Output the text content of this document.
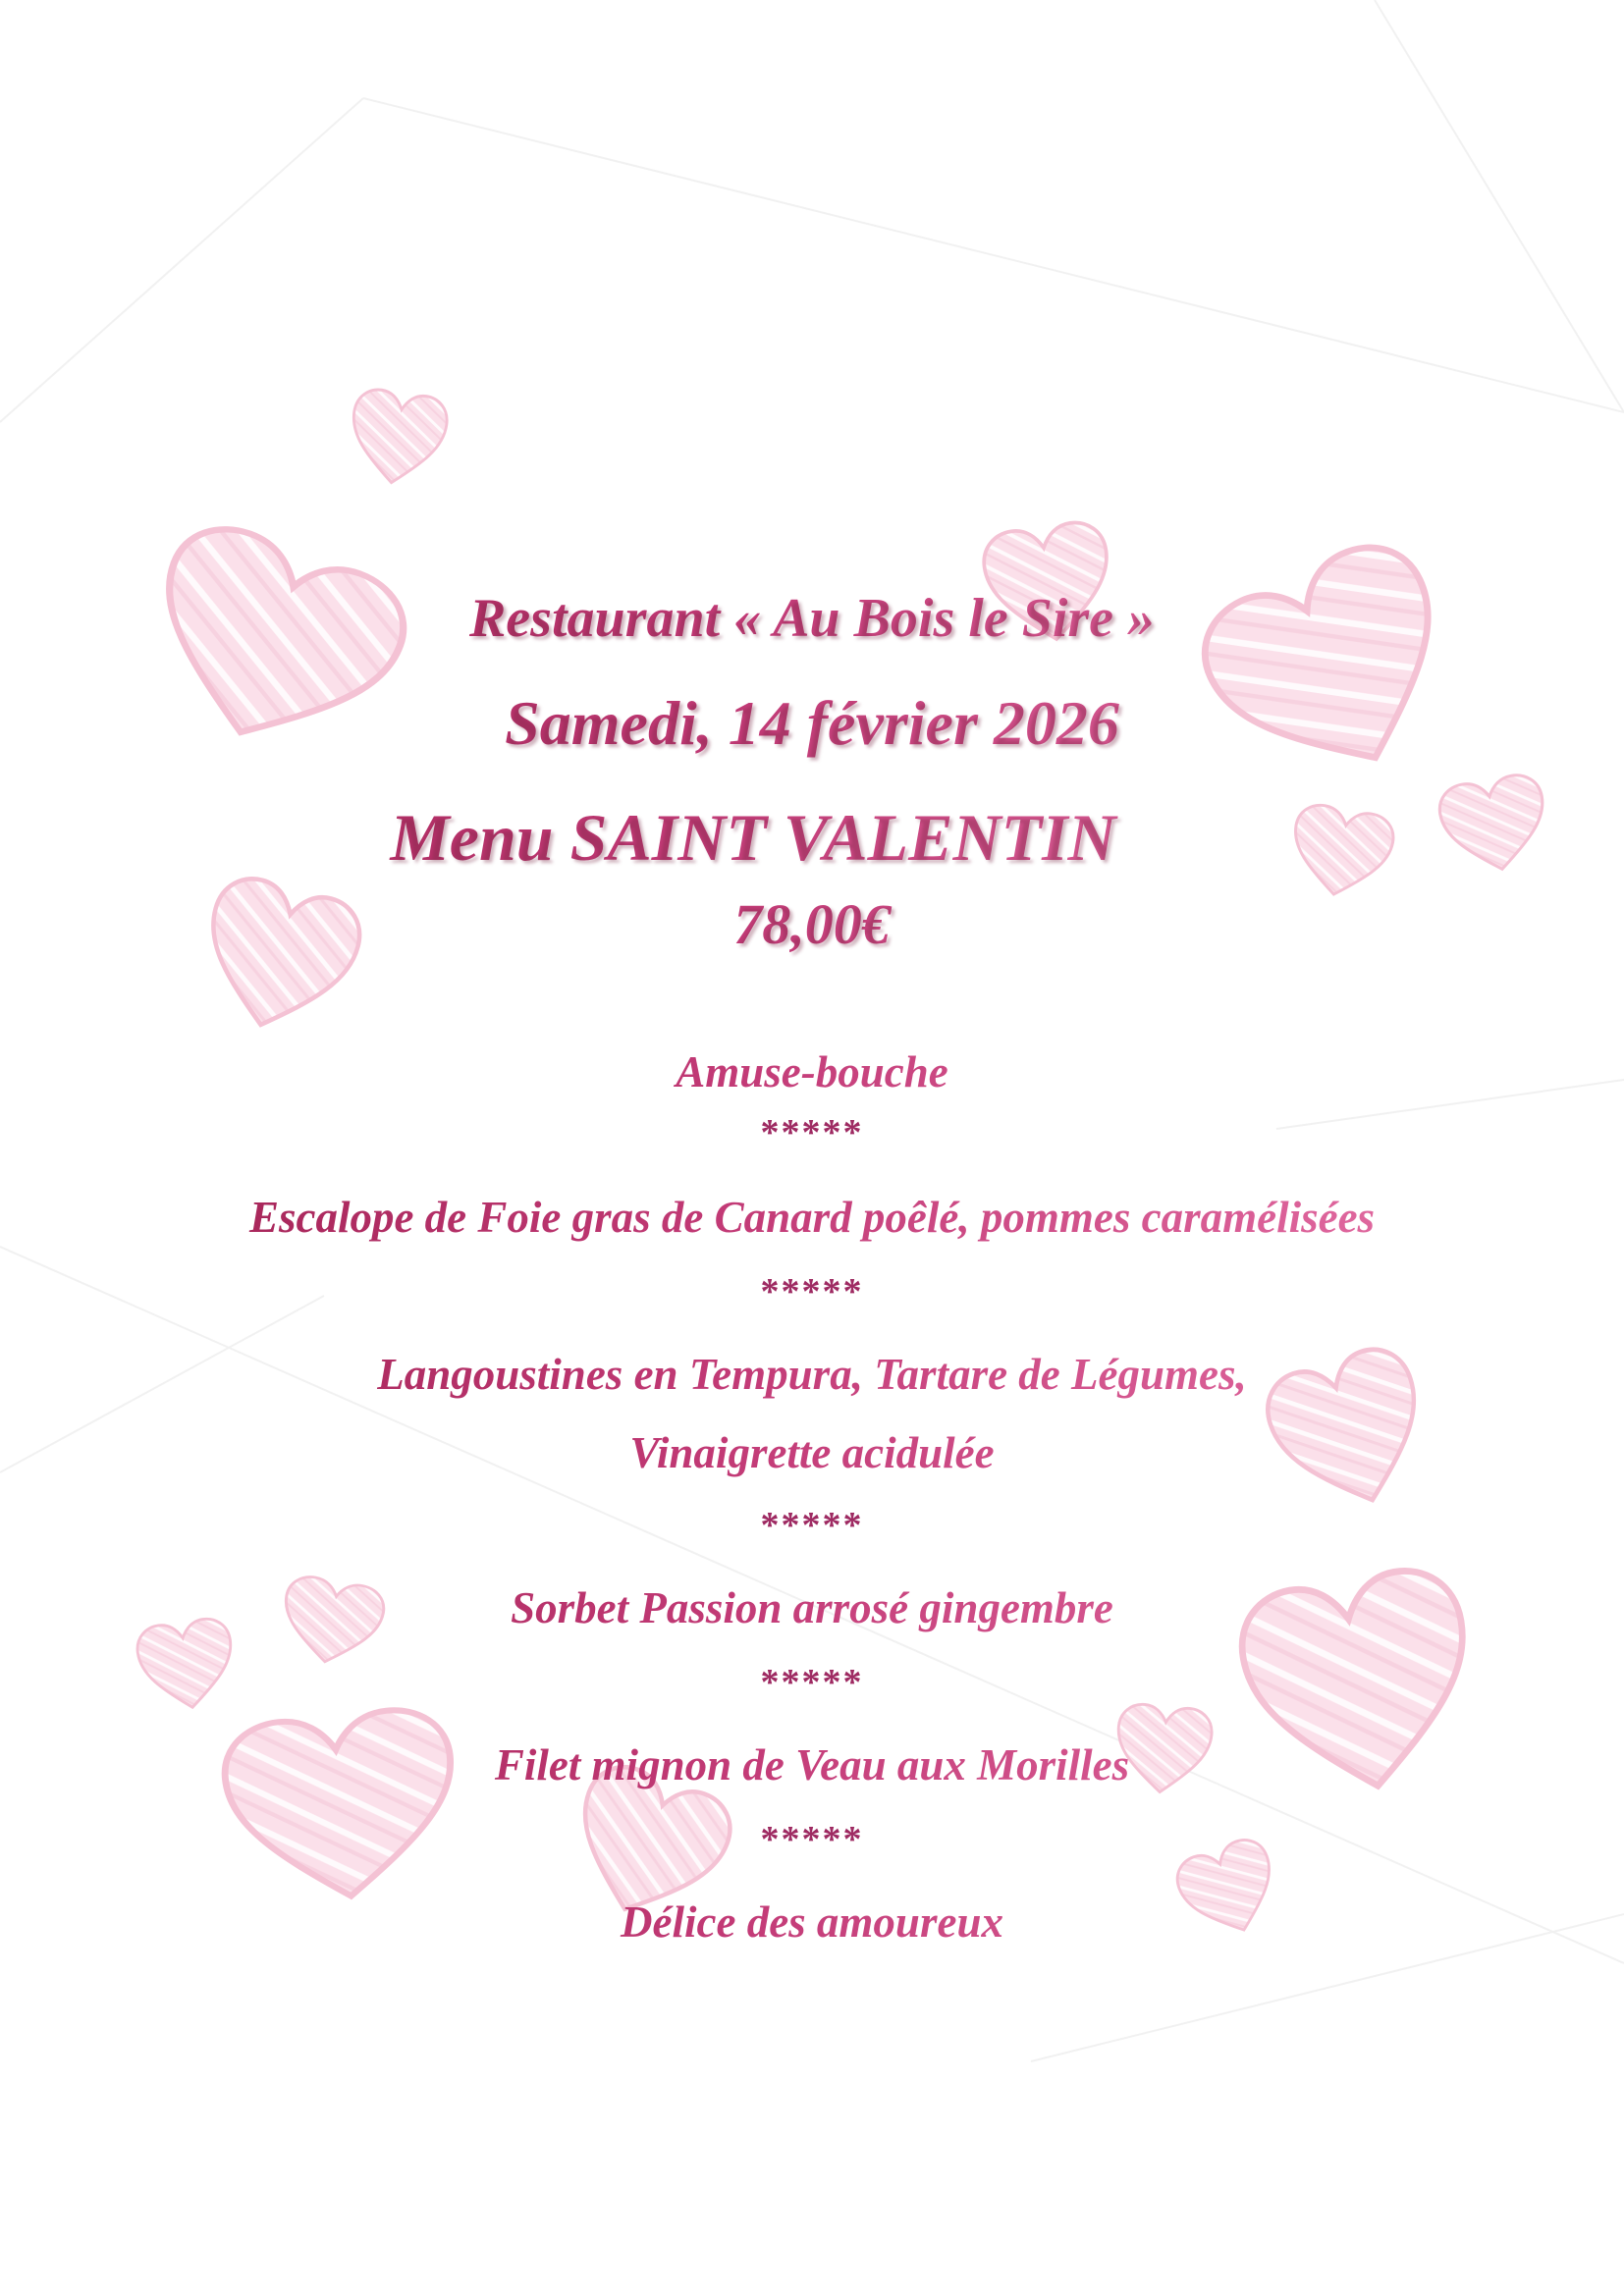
Restaurant « Au Bois le Sire »

Samedi, 14 février 2026

Menu SAINT VALENTIN

78,00€

Amuse-bouche

*****

Escalope de Foie gras de Canard poêlé, pommes caramélisées

*****

Langoustines en Tempura, Tartare de Légumes,

Vinaigrette acidulée

*****

Sorbet Passion arrosé gingembre

*****

Filet mignon de Veau aux Morilles

*****

Délice des amoureux
